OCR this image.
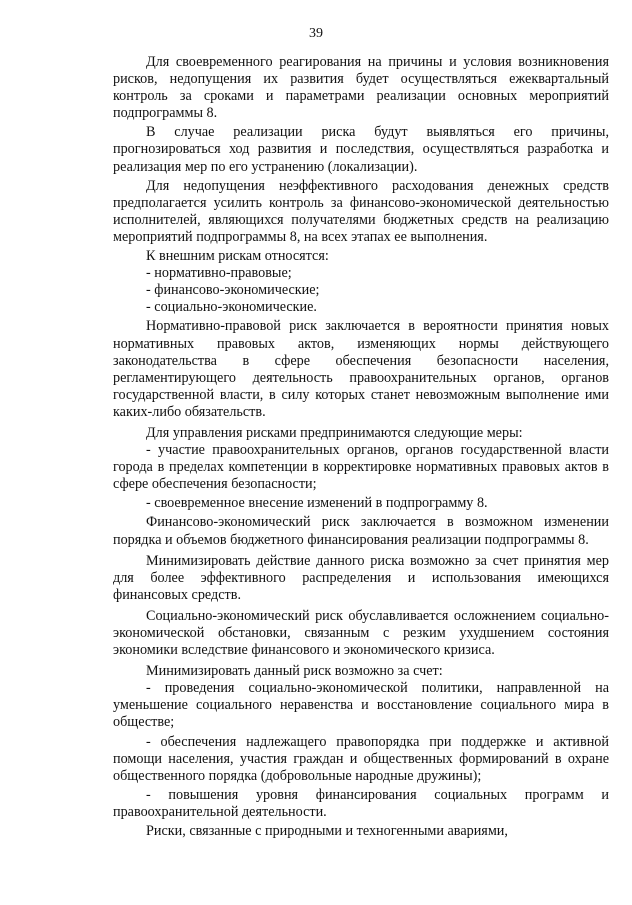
39

Для своевременного реагирования на причины и условия возникновения рисков, недопущения их развития будет осуществляться ежеквартальный контроль за сроками и параметрами реализации основных мероприятий подпрограммы 8.

В случае реализации риска будут выявляться его причины, прогнозироваться ход развития и последствия, осуществляться разработка и реализация мер по его устранению (локализации).

Для недопущения неэффективного расходования денежных средств предполагается усилить контроль за финансово-экономической деятельностью исполнителей, являющихся получателями бюджетных средств на реализацию мероприятий подпрограммы 8, на всех этапах ее выполнения.

К внешним рискам относятся:

- нормативно-правовые;

- финансово-экономические;

- социально-экономические.

Нормативно-правовой риск заключается в вероятности принятия новых нормативных правовых актов, изменяющих нормы действующего законодательства в сфере обеспечения безопасности населения, регламентирующего деятельность правоохранительных органов, органов государственной власти, в силу которых станет невозможным выполнение ими каких-либо обязательств.

Для управления рисками предпринимаются следующие меры:

- участие правоохранительных органов, органов государственной власти города в пределах компетенции в корректировке нормативных правовых актов в сфере обеспечения безопасности;

- своевременное внесение изменений в подпрограмму 8.

Финансово-экономический риск заключается в возможном изменении порядка и объемов бюджетного финансирования реализации подпрограммы 8.

Минимизировать действие данного риска возможно за счет принятия мер для более эффективного распределения и использования имеющихся финансовых средств.

Социально-экономический риск обуславливается осложнением социально-экономической обстановки, связанным с резким ухудшением состояния экономики вследствие финансового и экономического кризиса.

Минимизировать данный риск возможно за счет:

- проведения социально-экономической политики, направленной на уменьшение социального неравенства и восстановление социального мира в обществе;

- обеспечения надлежащего правопорядка при поддержке и активной помощи населения, участия граждан и общественных формирований в охране общественного порядка (добровольные народные дружины);

- повышения уровня финансирования социальных программ и правоохранительной деятельности.

Риски, связанные с природными и техногенными авариями,
